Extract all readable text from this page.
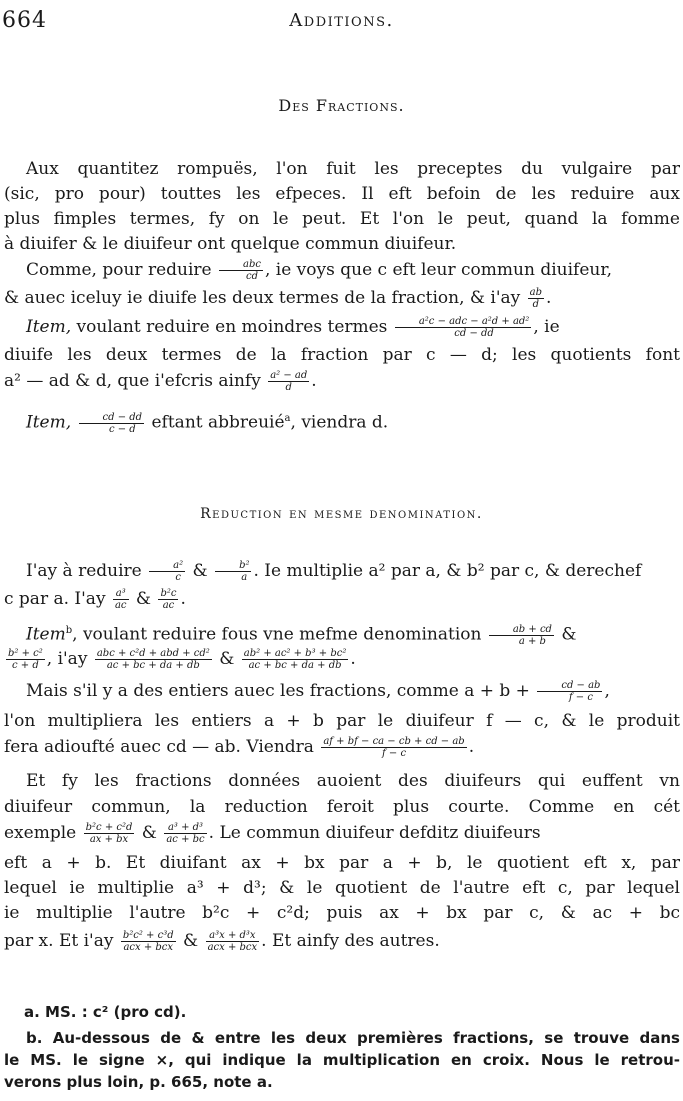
664	Additions.
Des Fractions.
Aux quantitez rompuës, l'on fuit les preceptes du vulgaire par
(sic, pro pour) touttes les efpeces. Il eft befoin de les reduire aux
plus fimples termes, fy on le peut. Et l'on le peut, quand la fomme
à diuifer & le diuifeur ont quelque commun diuifeur.
Comme, pour reduire $\frac{\text{abc}}{cd}$ , ie voys que c eft leur commun diuifeur,
& auec iceluy ie diuife les deux termes de la fraction, & $i'ay \frac{ab}{d}$ .
Item, voulant reduire en moindres termes $\frac{\text{a²c − adc − a²d + ad²}}{cd - dd}$ , ie
diuife les deux termes de la fraction par c — d; les quotients font
a² — ad & d, que i'efcris ainfy $\frac{\text{a² − ad}}{d}$ .
Item, $\frac{cd - dd}{c - d}$ eftant abbreuié$^a$, viendra d.
Reduction en mesme denomination.
I'ay à reduire $\frac{\text{a²}}{c}$ & $\frac{\text{b²}}{a}$ . Ie multiplie a² par a, & b² par c, & derechef
c par a. $I'ay \frac{\text{a³}}{ac}$ & $\frac{\text{b²c}}{ac}$ .
Item$^b$, voulant reduire fous vne mefme denomination $\frac{ab + cd}{a + b}$ &
$\frac{\text{b² + c²}}{c + d}$ , $i'ay \frac{\text{abc + c²d + abd + cd²}}{ac + bc + da + db}$ & $\frac{\text{ab² + ac² + b³ + bc²}}{ac + bc + da + db}$ .
Mais s'il y a des entiers auec les fractions, comme $a + b + \frac{cd - ab}{f - c}$ ,
l'on multipliera les entiers a + b par le diuifeur f — c, & le produit
fera adioufté auec cd — ab. Viendra $\frac{af + bf - ca - cb + cd - ab}{f - c}$ .
Et fy les fractions données auoient des diuifeurs qui euffent vn
diuifeur commun, la reduction feroit plus courte. Comme en cét
exemple $\frac{\text{b²c + c²d}}{ax + bx}$ & $\frac{\text{a³ + d³}}{ac + bc}$ . Le commun diuifeur defditz diuifeurs
eft a + b. Et diuifant ax + bx par a + b, le quotient eft x, par
lequel ie multiplie a³ + d³; & le quotient de l'autre eft c, par lequel
ie multiplie l'autre b²c + c²d; puis ax + bx par c, & ac + bc
par x. Et $i'ay \frac{\text{b²c² + c³d}}{\text{acx + bcx}}$ & $\frac{\text{a³x + d³x}}{\text{acx + bcx}}$ . Et ainfy des autres.
a. MS. : c² (pro cd).
b. Au-dessous de & entre les deux premières fractions, se trouve dans
le MS. le signe ×, qui indique la multiplication en croix. Nous le retrou-
verons plus loin, p. 665, note a.
